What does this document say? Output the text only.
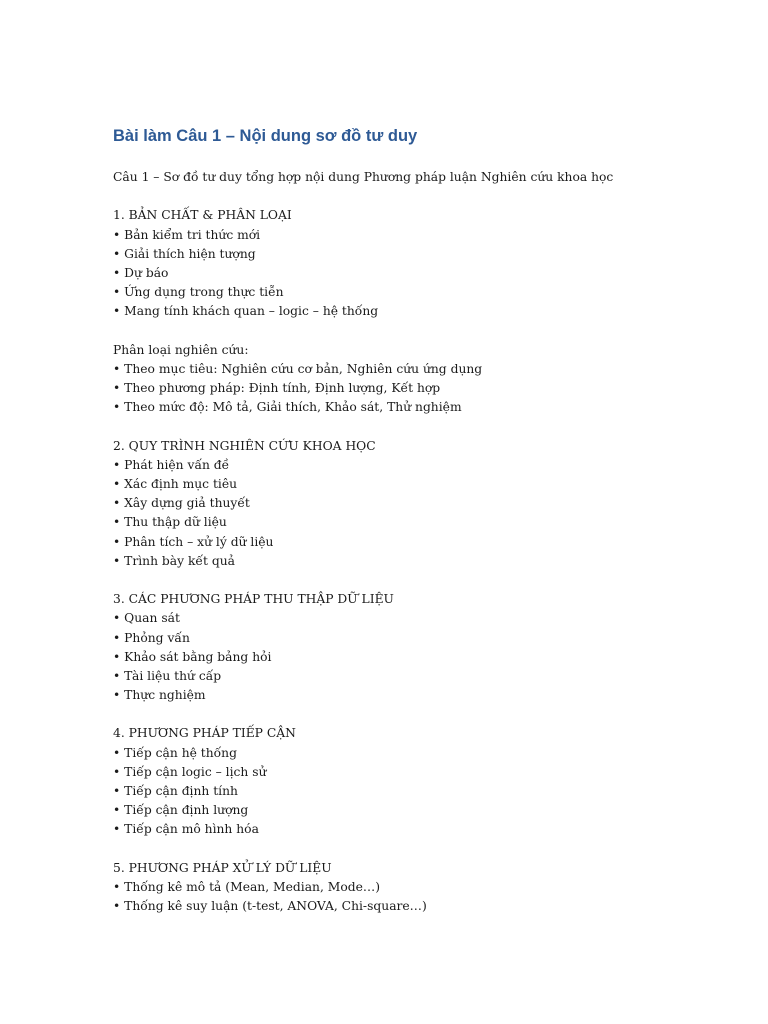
Bài làm Câu 1 – Nội dung sơ đồ tư duy

Câu 1 – Sơ đồ tư duy tổng hợp nội dung Phương pháp luận Nghiên cứu khoa học

1. BẢN CHẤT & PHÂN LOẠI

• Bản kiểm tri thức mới

• Giải thích hiện tượng

• Dự báo

• Ứng dụng trong thực tiễn

• Mang tính khách quan – logic – hệ thống

Phân loại nghiên cứu:

• Theo mục tiêu: Nghiên cứu cơ bản, Nghiên cứu ứng dụng

• Theo phương pháp: Định tính, Định lượng, Kết hợp

• Theo mức độ: Mô tả, Giải thích, Khảo sát, Thử nghiệm

2. QUY TRÌNH NGHIÊN CỨU KHOA HỌC

• Phát hiện vấn đề

• Xác định mục tiêu

• Xây dựng giả thuyết

• Thu thập dữ liệu

• Phân tích – xử lý dữ liệu

• Trình bày kết quả

3. CÁC PHƯƠNG PHÁP THU THẬP DỮ LIỆU

• Quan sát

• Phỏng vấn

• Khảo sát bằng bảng hỏi

• Tài liệu thứ cấp

• Thực nghiệm

4. PHƯƠNG PHÁP TIẾP CẬN

• Tiếp cận hệ thống

• Tiếp cận logic – lịch sử

• Tiếp cận định tính

• Tiếp cận định lượng

• Tiếp cận mô hình hóa

5. PHƯƠNG PHÁP XỬ LÝ DỮ LIỆU

• Thống kê mô tả (Mean, Median, Mode…)

• Thống kê suy luận (t-test, ANOVA, Chi-square…)
